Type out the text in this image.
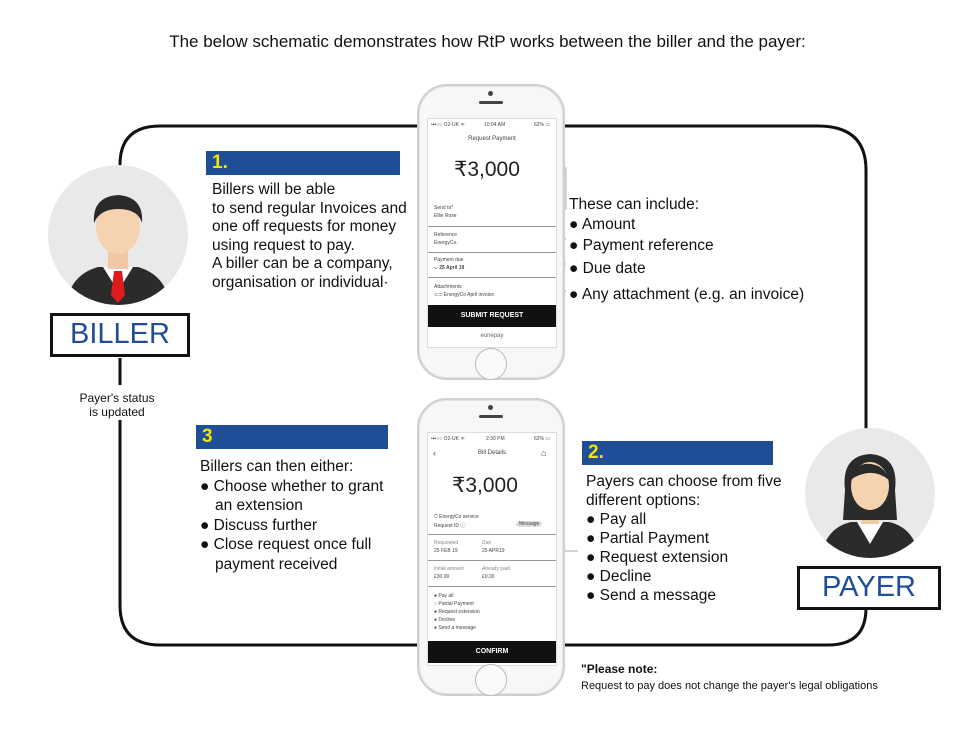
The below schematic demonstrates how RtP works between the biller and the payer:
BILLER
Payer's status
is updated
PAYER
1.
Billers will be able
to send regular Invoices and
one off requests for money
using request to pay.
A biller can be a company,
organisation or individual·
These can include:
● Amount
● Payment reference
● Due date
● Any attachment (e.g. an invoice)
3
Billers can then either:
● Choose whether to grant
an extension
● Discuss further
● Close request once full
payment received
2.
Payers can choose from five
different options:
● Pay all
● Partial Payment
● Request extension
● Decline
● Send a message
•••○○ O2-UK ᯤ	10:04 AM	62% ▭
Request Payment
₹3,000
Send to*
Ellie Rose
Reference
EnergyCo.
Payment due
⌵ 25 April 19
Attachments
⊂⊃ EnergyCo April invoice
SUBMIT REQUEST
eonepay
•••○○ O2-UK ᯤ	2:30 PM	62% ▭
‹	Bill Details	⌂
₹3,000
⛉ EnergyCo service
Request ID ⓘ	Message
Requested
25 FEB 19
Due
25 APR19
Initial amount
£30.00
Already paid
£0.00
● Pay all
○ Partial Payment
● Request extension
● Decline
● Send a message
CONFIRM
"Please note:
Request to pay does not change the payer's legal obligations
